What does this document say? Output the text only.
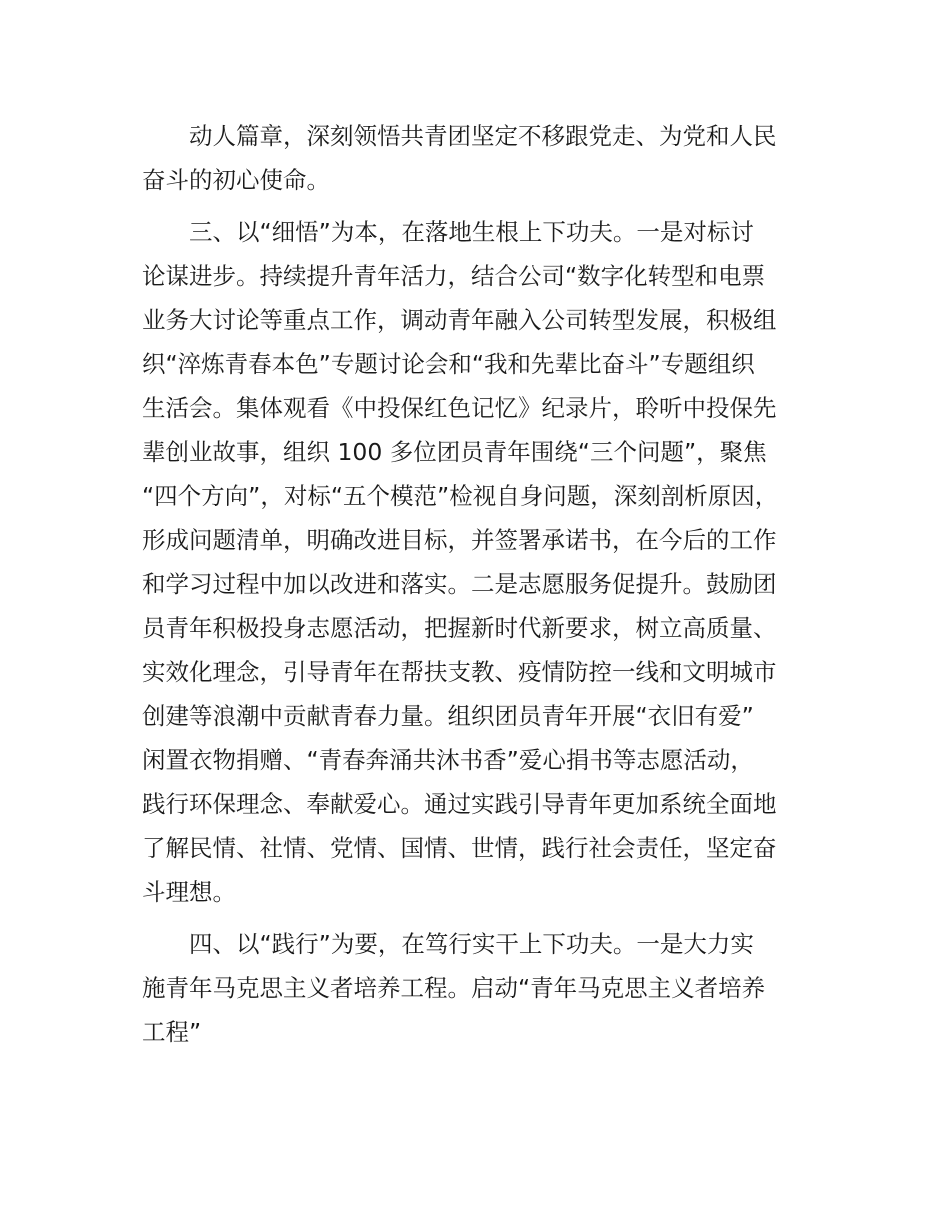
动人篇章，深刻领悟共青团坚定不移跟党走、为党和人民
奋斗的初心使命。
三、以“细悟”为本，在落地生根上下功夫。一是对标讨
论谋进步。持续提升青年活力，结合公司“数字化转型和电票
业务大讨论等重点工作，调动青年融入公司转型发展，积极组
织“淬炼青春本色”专题讨论会和“我和先辈比奋斗”专题组织
生活会。集体观看《中投保红色记忆》纪录片，聆听中投保先
辈创业故事，组织 100 多位团员青年围绕“三个问题”，聚焦
“四个方向”，对标“五个模范”检视自身问题，深刻剖析原因，
形成问题清单，明确改进目标，并签署承诺书，在今后的工作
和学习过程中加以改进和落实。二是志愿服务促提升。鼓励团
员青年积极投身志愿活动，把握新时代新要求，树立高质量、
实效化理念，引导青年在帮扶支教、疫情防控一线和文明城市
创建等浪潮中贡献青春力量。组织团员青年开展“衣旧有爱”
闲置衣物捐赠、“青春奔涌共沐书香”爱心捐书等志愿活动，
践行环保理念、奉献爱心。通过实践引导青年更加系统全面地
了解民情、社情、党情、国情、世情，践行社会责任，坚定奋
斗理想。
四、以“践行”为要，在笃行实干上下功夫。一是大力实
施青年马克思主义者培养工程。启动“青年马克思主义者培养
工程”
